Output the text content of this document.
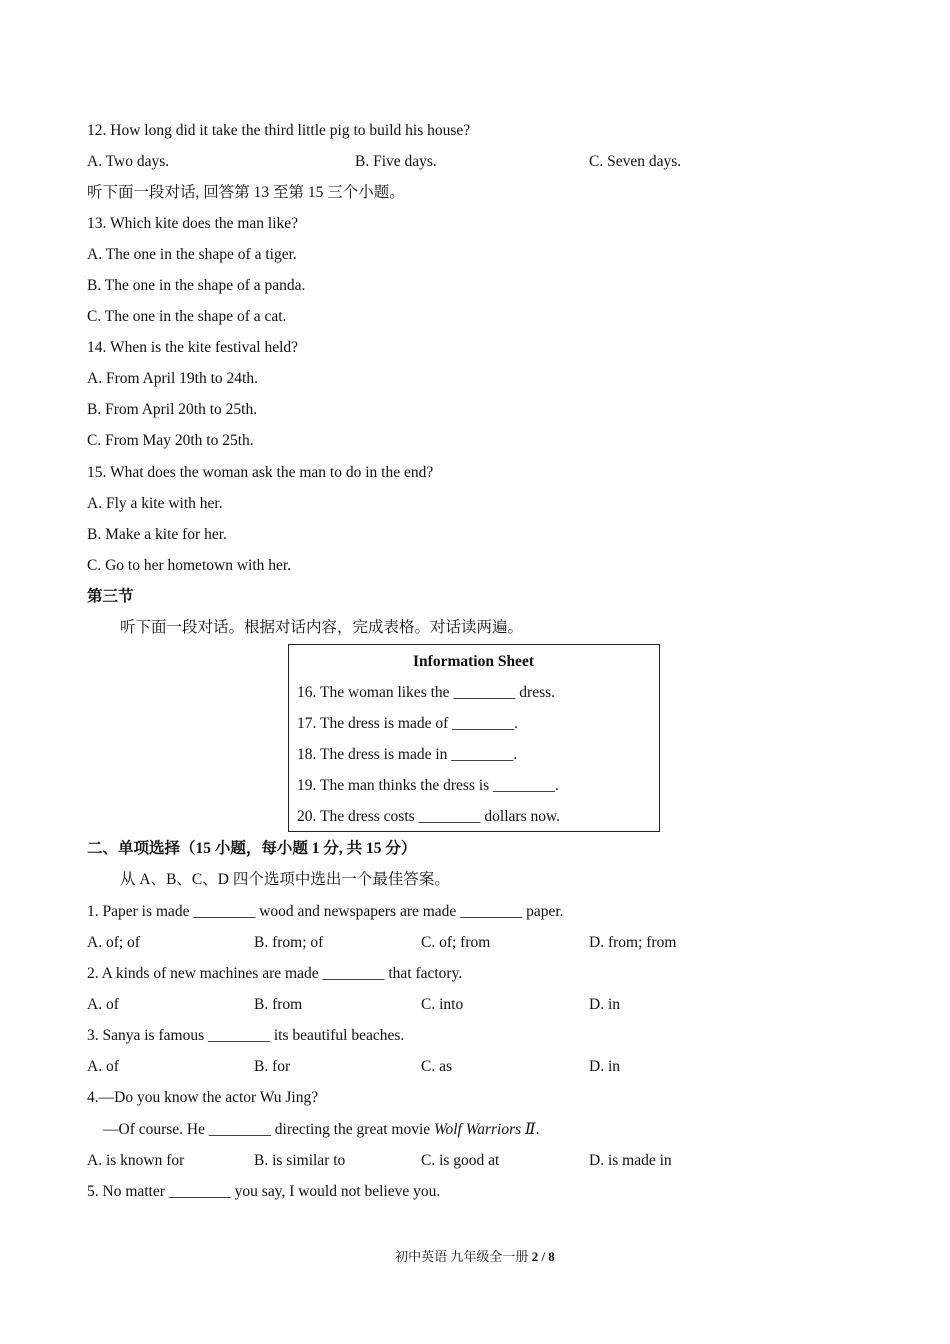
12. How long did it take the third little pig to build his house?
A. Two days.	B. Five days.	C. Seven days.
听下面一段对话, 回答第 13 至第 15 三个小题。
13. Which kite does the man like?
A. The one in the shape of a tiger.
B. The one in the shape of a panda.
C. The one in the shape of a cat.
14. When is the kite festival held?
A. From April 19th to 24th.
B. From April 20th to 25th.
C. From May 20th to 25th.
15. What does the woman ask the man to do in the end?
A. Fly a kite with her.
B. Make a kite for her.
C. Go to her hometown with her.
第三节
听下面一段对话。根据对话内容，完成表格。对话读两遍。
Information Sheet
16. The woman likes the ________ dress.
17. The dress is made of ________.
18. The dress is made in ________.
19. The man thinks the dress is ________.
20. The dress costs ________ dollars now.
二、单项选择（15 小题，每小题 1 分, 共 15 分）
从 A、B、C、D 四个选项中选出一个最佳答案。
1. Paper is made ________ wood and newspapers are made ________ paper.
A. of; of	B. from; of	C. of; from	D. from; from
2. A kinds of new machines are made ________ that factory.
A. of	B. from	C. into	D. in
3. Sanya is famous ________ its beautiful beaches.
A. of	B. for	C. as	D. in
4.—Do you know the actor Wu Jing?
—Of course. He ________ directing the great movie Wolf Warriors Ⅱ.
A. is known for	B. is similar to	C. is good at	D. is made in
5. No matter ________ you say, I would not believe you.
初中英语 九年级全一册 2 / 8
